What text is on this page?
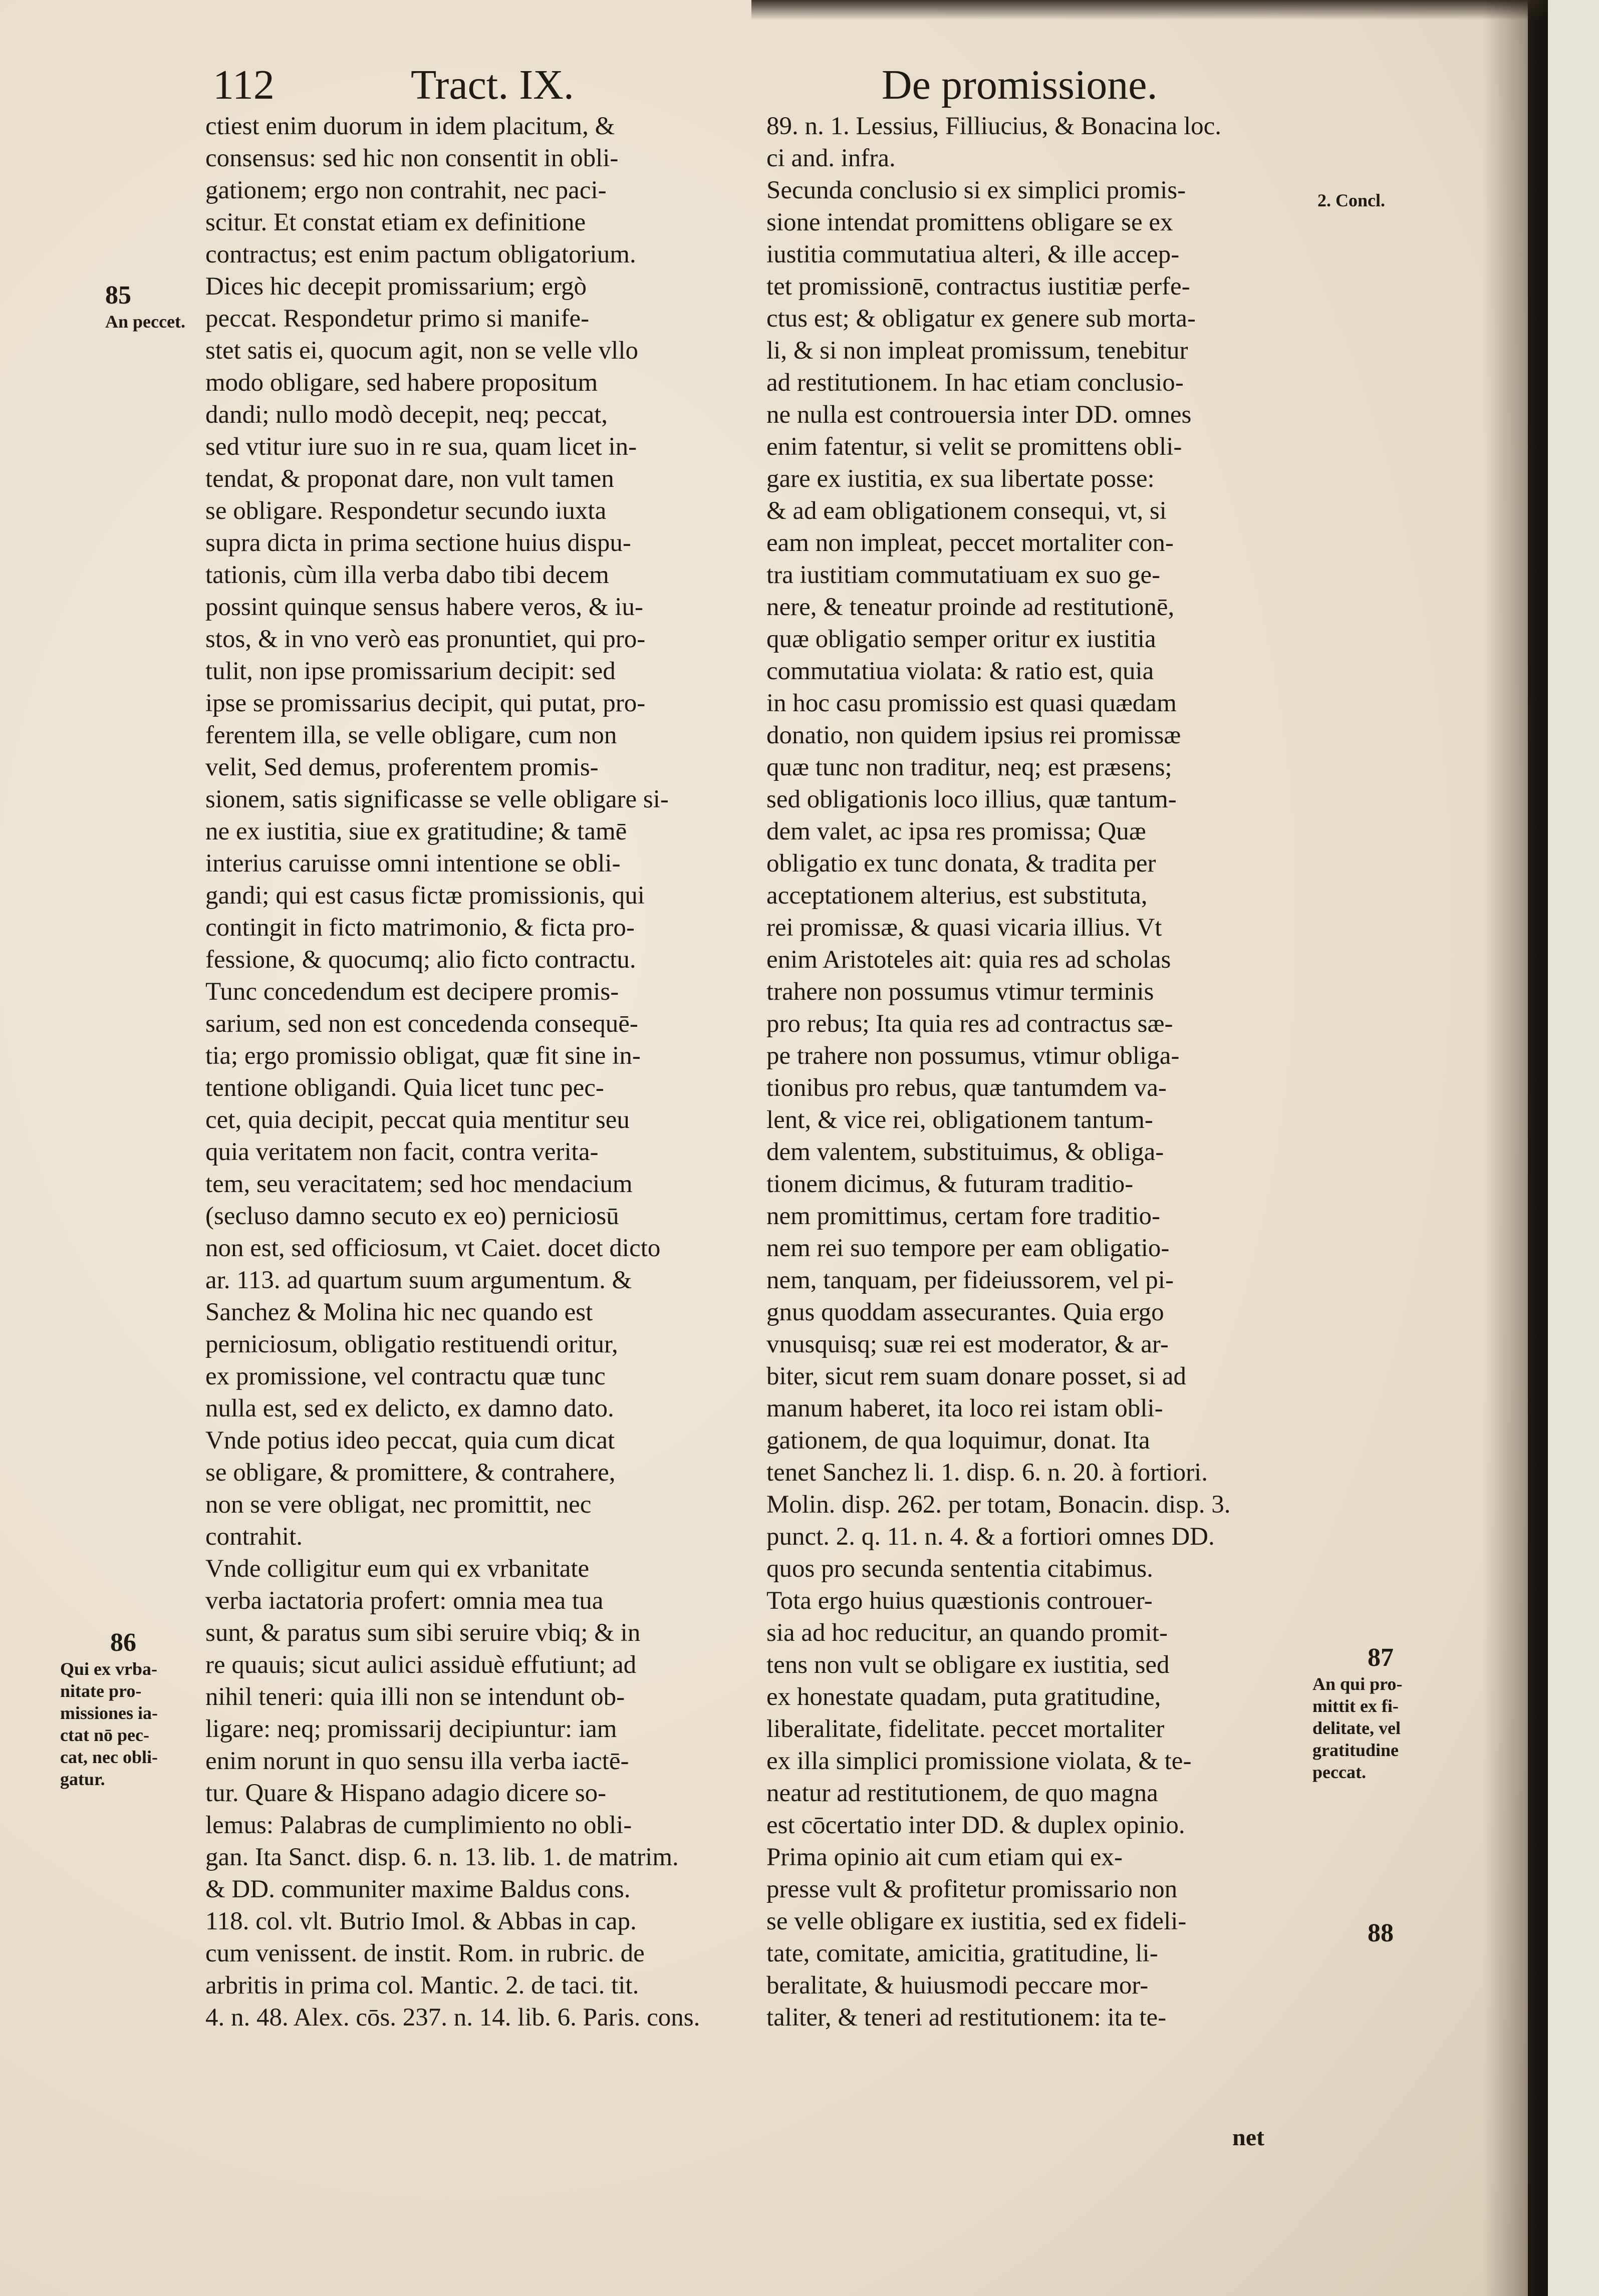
112	Tract. IX.	De promissione.
ctiest enim duorum in idem placitum, &
consensus: sed hic non consentit in obli-
gationem; ergo non contrahit, nec paci-
scitur. Et constat etiam ex definitione
contractus; est enim pactum obligatorium.
Dices hic decepit promissarium; ergò
peccat. Respondetur primo si manife-
stet satis ei, quocum agit, non se velle vllo
modo obligare, sed habere propositum
dandi; nullo modò decepit, neq; peccat,
sed vtitur iure suo in re sua, quam licet in-
tendat, & proponat dare, non vult tamen
se obligare. Respondetur secundo iuxta
supra dicta in prima sectione huius dispu-
tationis, cùm illa verba dabo tibi decem
possint quinque sensus habere veros, & iu-
stos, & in vno verò eas pronuntiet, qui pro-
tulit, non ipse promissarium decipit: sed
ipse se promissarius decipit, qui putat, pro-
ferentem illa, se velle obligare, cum non
velit, Sed demus, proferentem promis-
sionem, satis significasse se velle obligare si-
ne ex iustitia, siue ex gratitudine; & tamē
interius caruisse omni intentione se obli-
gandi; qui est casus fictæ promissionis, qui
contingit in ficto matrimonio, & ficta pro-
fessione, & quocumq; alio ficto contractu.
Tunc concedendum est decipere promis-
sarium, sed non est concedenda consequē-
tia; ergo promissio obligat, quæ fit sine in-
tentione obligandi. Quia licet tunc pec-
cet, quia decipit, peccat quia mentitur seu
quia veritatem non facit, contra verita-
tem, seu veracitatem; sed hoc mendacium
(secluso damno secuto ex eo) perniciosū
non est, sed officiosum, vt Caiet. docet dicto
ar. 113. ad quartum suum argumentum. &
Sanchez & Molina hic nec quando est
perniciosum, obligatio restituendi oritur,
ex promissione, vel contractu quæ tunc
nulla est, sed ex delicto, ex damno dato.
Vnde potius ideo peccat, quia cum dicat
se obligare, & promittere, & contrahere,
non se vere obligat, nec promittit, nec
contrahit.
Vnde colligitur eum qui ex vrbanitate
verba iactatoria profert: omnia mea tua
sunt, & paratus sum sibi seruire vbiq; & in
re quauis; sicut aulici assiduè effutiunt; ad
nihil teneri: quia illi non se intendunt ob-
ligare: neq; promissarij decipiuntur: iam
enim norunt in quo sensu illa verba iactē-
tur. Quare & Hispano adagio dicere so-
lemus: Palabras de cumplimiento no obli-
gan. Ita Sanct. disp. 6. n. 13. lib. 1. de matrim.
& DD. communiter maxime Baldus cons.
118. col. vlt. Butrio Imol. & Abbas in cap.
cum venissent. de instit. Rom. in rubric. de
arbritis in prima col. Mantic. 2. de taci. tit.
4. n. 48. Alex. cōs. 237. n. 14. lib. 6. Paris. cons.
89. n. 1. Lessius, Filliucius, & Bonacina loc.
ci and. infra.
Secunda conclusio si ex simplici promis-
sione intendat promittens obligare se ex
iustitia commutatiua alteri, & ille accep-
tet promissionē, contractus iustitiæ perfe-
ctus est; & obligatur ex genere sub morta-
li, & si non impleat promissum, tenebitur
ad restitutionem. In hac etiam conclusio-
ne nulla est controuersia inter DD. omnes
enim fatentur, si velit se promittens obli-
gare ex iustitia, ex sua libertate posse:
& ad eam obligationem consequi, vt, si
eam non impleat, peccet mortaliter con-
tra iustitiam commutatiuam ex suo ge-
nere, & teneatur proinde ad restitutionē,
quæ obligatio semper oritur ex iustitia
commutatiua violata: & ratio est, quia
in hoc casu promissio est quasi quædam
donatio, non quidem ipsius rei promissæ
quæ tunc non traditur, neq; est præsens;
sed obligationis loco illius, quæ tantum-
dem valet, ac ipsa res promissa; Quæ
obligatio ex tunc donata, & tradita per
acceptationem alterius, est substituta,
rei promissæ, & quasi vicaria illius. Vt
enim Aristoteles ait: quia res ad scholas
trahere non possumus vtimur terminis
pro rebus; Ita quia res ad contractus sæ-
pe trahere non possumus, vtimur obliga-
tionibus pro rebus, quæ tantumdem va-
lent, & vice rei, obligationem tantum-
dem valentem, substituimus, & obliga-
tionem dicimus, & futuram traditio-
nem promittimus, certam fore traditio-
nem rei suo tempore per eam obligatio-
nem, tanquam, per fideiussorem, vel pi-
gnus quoddam assecurantes. Quia ergo
vnusquisq; suæ rei est moderator, & ar-
biter, sicut rem suam donare posset, si ad
manum haberet, ita loco rei istam obli-
gationem, de qua loquimur, donat. Ita
tenet Sanchez li. 1. disp. 6. n. 20. à fortiori.
Molin. disp. 262. per totam, Bonacin. disp. 3.
punct. 2. q. 11. n. 4. & a fortiori omnes DD.
quos pro secunda sententia citabimus.
Tota ergo huius quæstionis controuer-
sia ad hoc reducitur, an quando promit-
tens non vult se obligare ex iustitia, sed
ex honestate quadam, puta gratitudine,
liberalitate, fidelitate. peccet mortaliter
ex illa simplici promissione violata, & te-
neatur ad restitutionem, de quo magna
est cōcertatio inter DD. & duplex opinio.
Prima opinio ait cum etiam qui ex-
presse vult & profitetur promissario non
se velle obligare ex iustitia, sed ex fideli-
tate, comitate, amicitia, gratitudine, li-
beralitate, & huiusmodi peccare mor-
taliter, & teneri ad restitutionem: ita te-
85
An peccet.
86
Qui ex vrba-
nitate pro-
missiones ia-
ctat nō pec-
cat, nec obli-
gatur.
87
An qui pro-
mittit ex fi-
delitate, vel
gratitudine
peccat.
88
2. Concl.
net
